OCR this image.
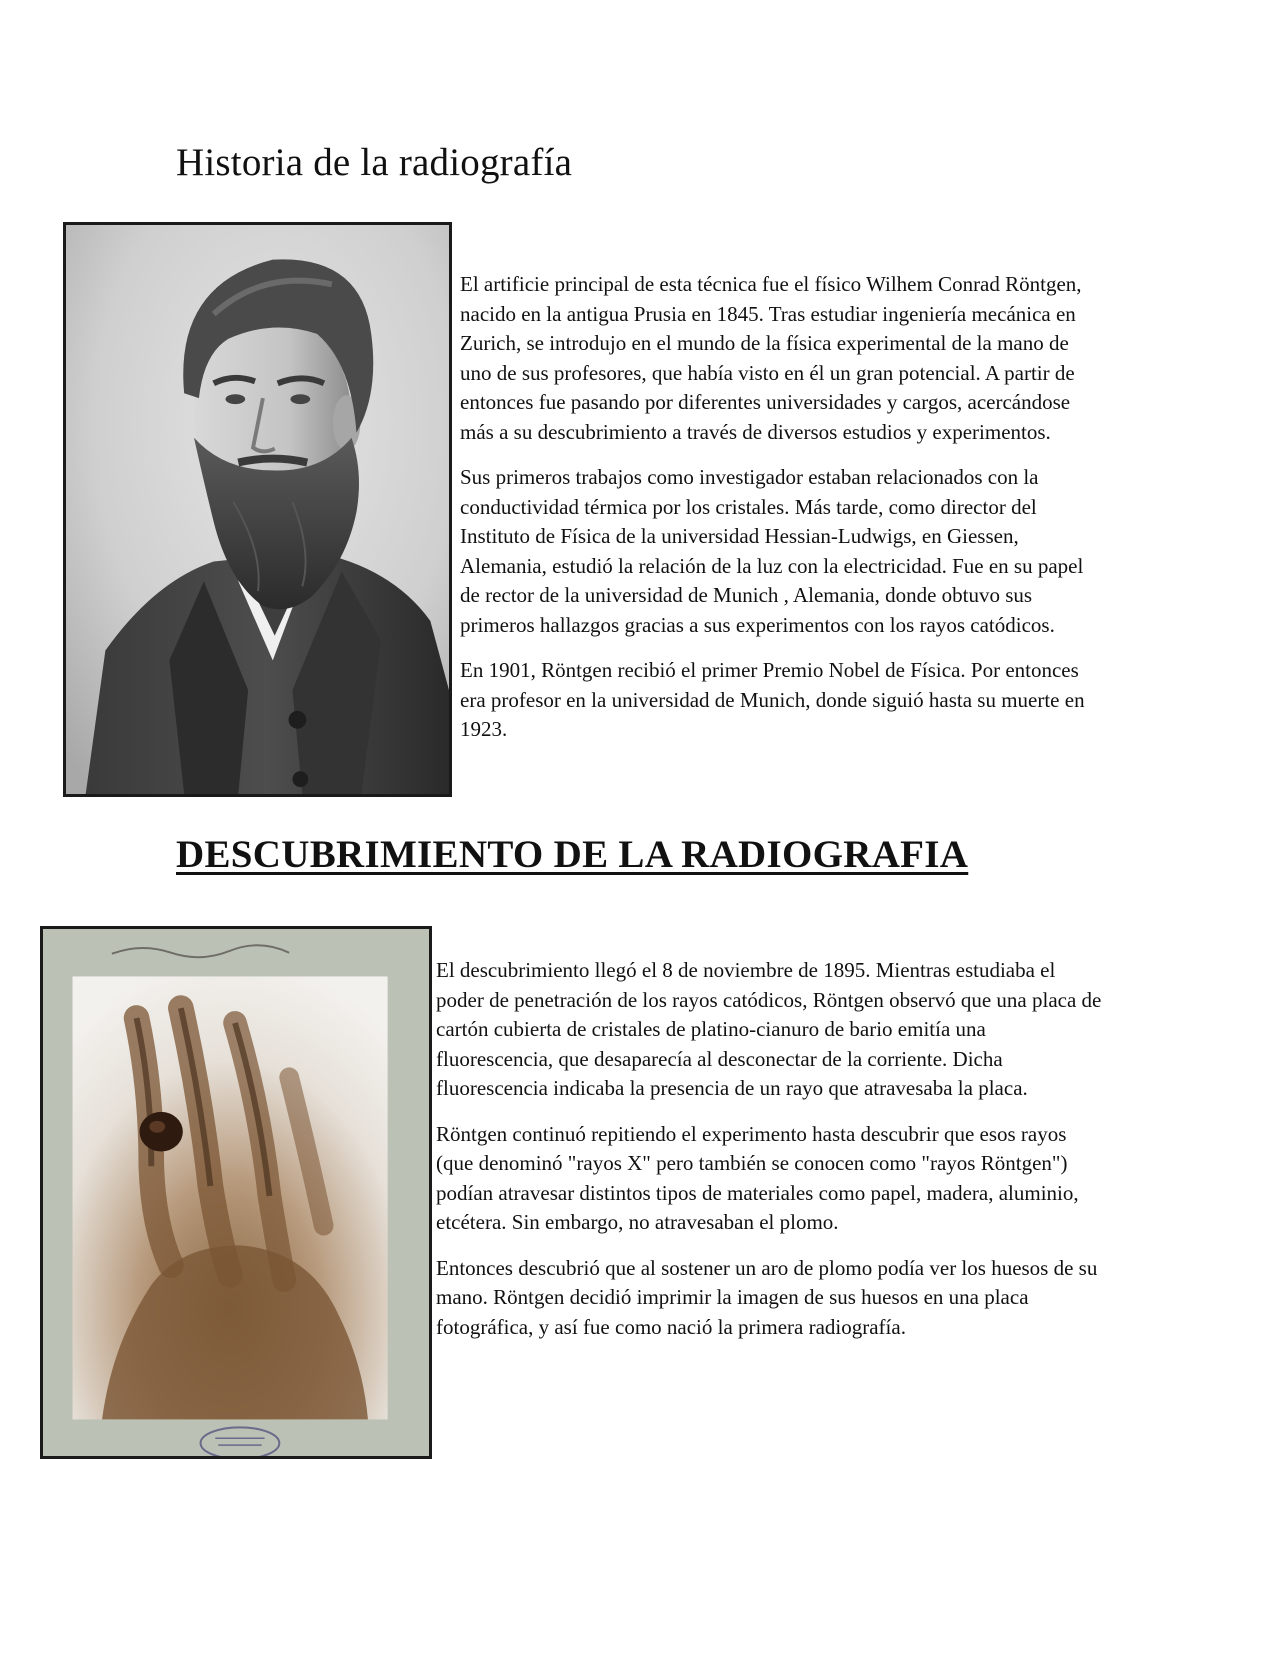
Historia de la radiografía

El artificie principal de esta técnica fue el físico Wilhem Conrad Röntgen, nacido en la antigua Prusia en 1845. Tras estudiar ingeniería mecánica en Zurich, se introdujo en el mundo de la física experimental de la mano de uno de sus profesores, que había visto en él un gran potencial. A partir de entonces fue pasando por diferentes universidades y cargos, acercándose más a su descubrimiento a través de diversos estudios y experimentos.

Sus primeros trabajos como investigador estaban relacionados con la conductividad térmica por los cristales. Más tarde, como director del Instituto de Física de la universidad Hessian-Ludwigs, en Giessen, Alemania, estudió la relación de la luz con la electricidad. Fue en su papel de rector de la universidad de Munich , Alemania, donde obtuvo sus primeros hallazgos gracias a sus experimentos con los rayos catódicos.

En 1901, Röntgen recibió el primer Premio Nobel de Física. Por entonces era profesor en la universidad de Munich, donde siguió hasta su muerte en 1923.

DESCUBRIMIENTO DE LA RADIOGRAFIA

El descubrimiento llegó el 8 de noviembre de 1895. Mientras estudiaba el poder de penetración de los rayos catódicos, Röntgen observó que una placa de cartón cubierta de cristales de platino-cianuro de bario emitía una fluorescencia, que desaparecía al desconectar de la corriente. Dicha fluorescencia indicaba la presencia de un rayo que atravesaba la placa.

Röntgen continuó repitiendo el experimento hasta descubrir que esos rayos (que denominó "rayos X" pero también se conocen como "rayos Röntgen") podían atravesar distintos tipos de materiales como papel, madera, aluminio, etcétera. Sin embargo, no atravesaban el plomo.

Entonces descubrió que al sostener un aro de plomo podía ver los huesos de su mano. Röntgen decidió imprimir la imagen de sus huesos en una placa fotográfica, y así fue como nació la primera radiografía.
